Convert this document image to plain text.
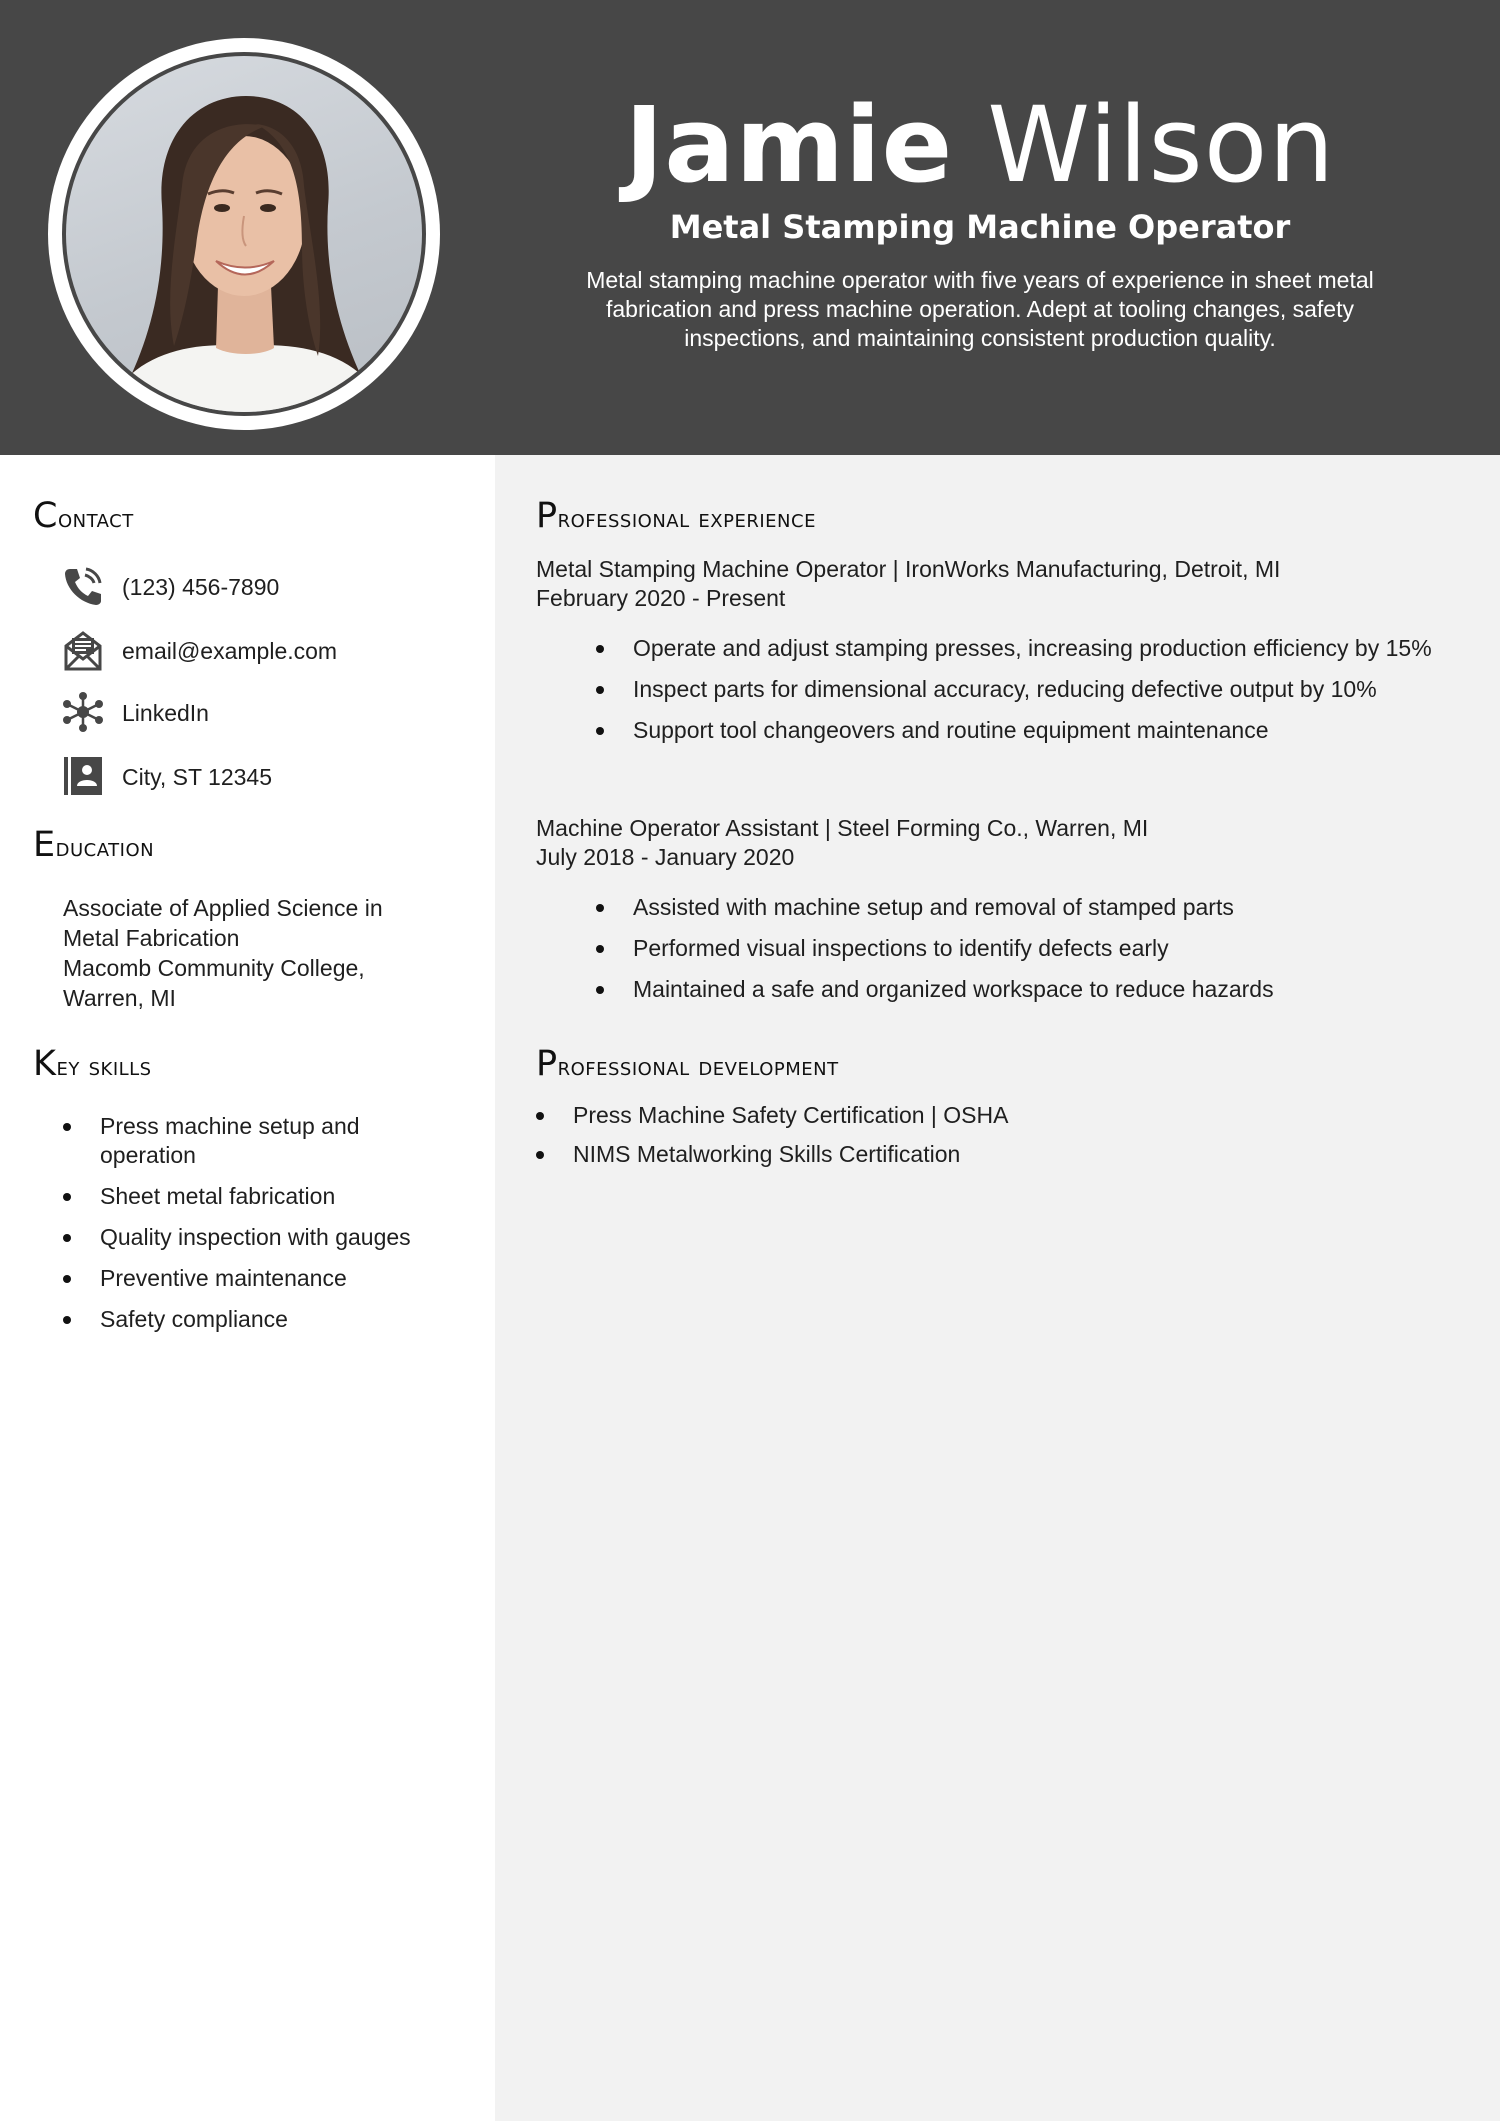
Jamie Wilson
Metal Stamping Machine Operator
Metal stamping machine operator with five years of experience in sheet metal fabrication and press machine operation. Adept at tooling changes, safety inspections, and maintaining consistent production quality.
Contact
(123) 456-7890
email@example.com
LinkedIn
City, ST 12345
Education
Associate of Applied Science in
Metal Fabrication
Macomb Community College,
Warren, MI
Key skills
Press machine setup and operation
Sheet metal fabrication
Quality inspection with gauges
Preventive maintenance
Safety compliance
Professional experience
Metal Stamping Machine Operator | IronWorks Manufacturing, Detroit, MI
February 2020 - Present
Operate and adjust stamping presses, increasing production efficiency by 15%
Inspect parts for dimensional accuracy, reducing defective output by 10%
Support tool changeovers and routine equipment maintenance
Machine Operator Assistant | Steel Forming Co., Warren, MI
July 2018 - January 2020
Assisted with machine setup and removal of stamped parts
Performed visual inspections to identify defects early
Maintained a safe and organized workspace to reduce hazards
Professional development
Press Machine Safety Certification | OSHA
NIMS Metalworking Skills Certification
